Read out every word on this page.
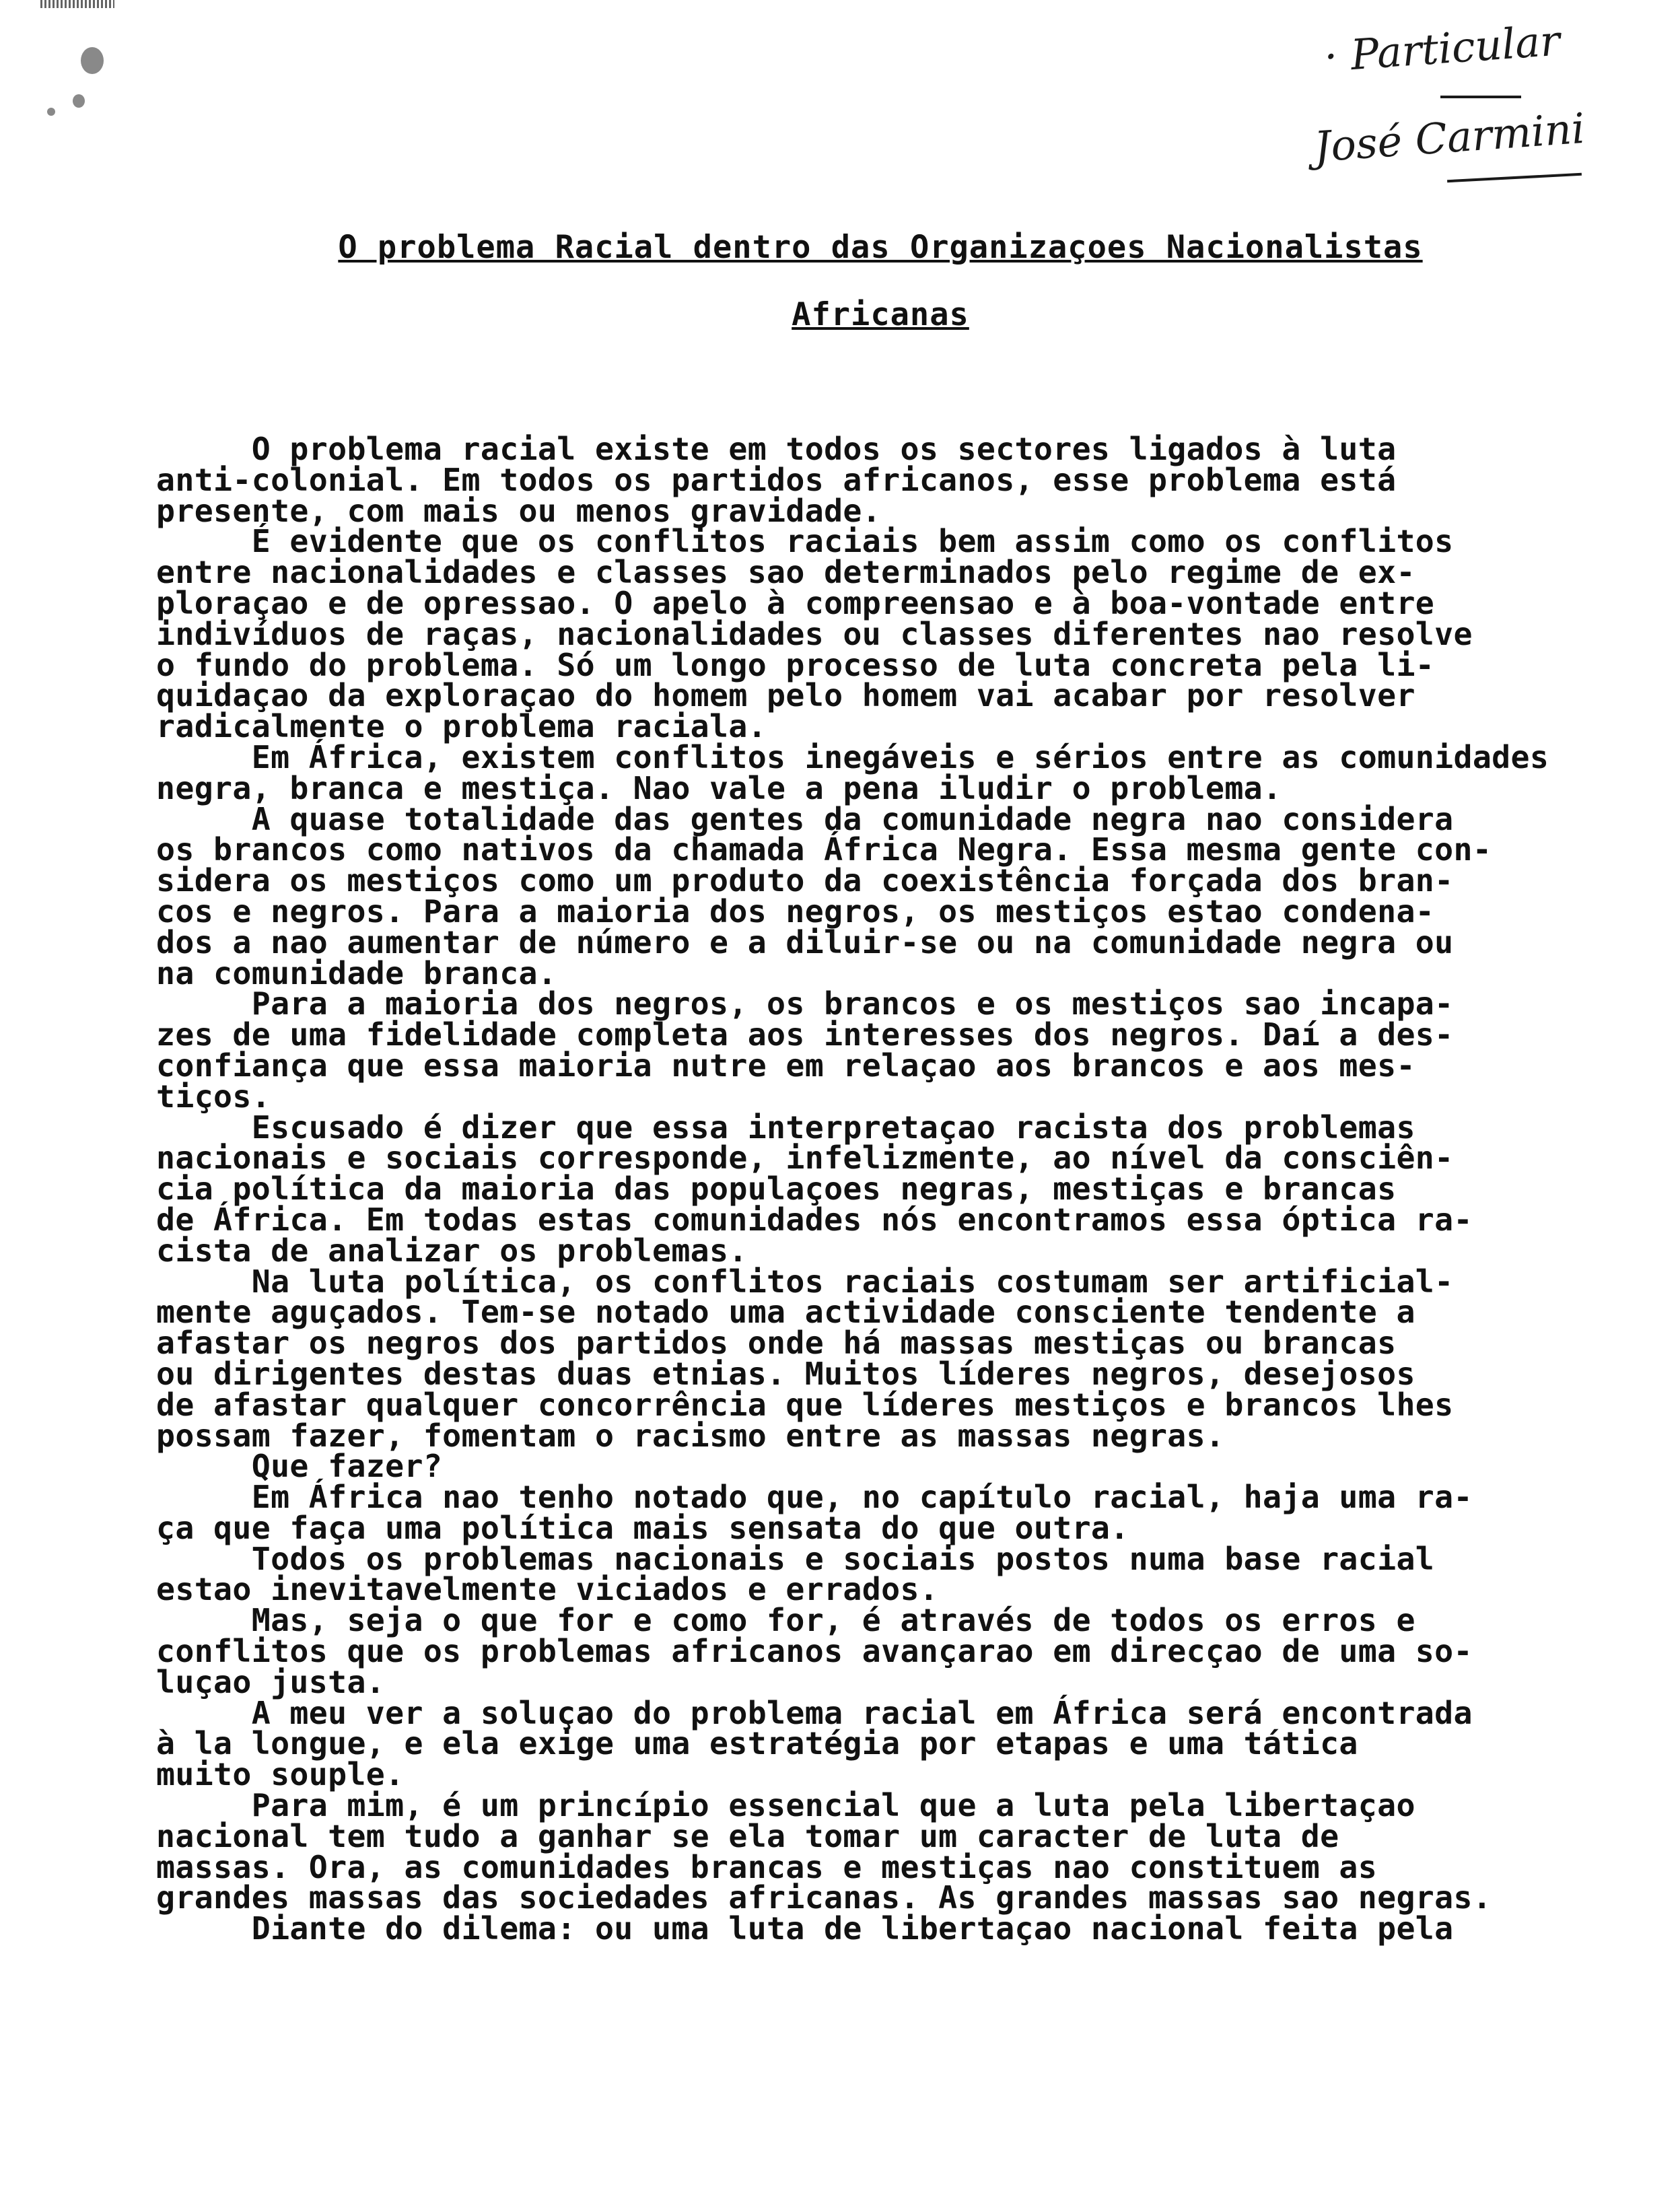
· Particular
José Carmini
O problema Racial dentro das Organizaçoes Nacionalistas
Africanas
O problema racial existe em todos os sectores ligados à luta
anti-colonial. Em todos os partidos africanos, esse problema está
presente, com mais ou menos gravidade.
É evidente que os conflitos raciais bem assim como os conflitos
entre nacionalidades e classes sao determinados pelo regime de ex-
ploraçao e de opressao. O apelo à compreensao e à boa-vontade entre
indivíduos de raças, nacionalidades ou classes diferentes nao resolve
o fundo do problema. Só um longo processo de luta concreta pela li-
quidaçao da exploraçao do homem pelo homem vai acabar por resolver
radicalmente o problema raciala.
Em África, existem conflitos inegáveis e sérios entre as comunidades
negra, branca e mestiça. Nao vale a pena iludir o problema.
A quase totalidade das gentes da comunidade negra nao considera
os brancos como nativos da chamada África Negra. Essa mesma gente con-
sidera os mestiços como um produto da coexistência forçada dos bran-
cos e negros. Para a maioria dos negros, os mestiços estao condena-
dos a nao aumentar de número e a diluir-se ou na comunidade negra ou
na comunidade branca.
Para a maioria dos negros, os brancos e os mestiços sao incapa-
zes de uma fidelidade completa aos interesses dos negros. Daí a des-
confiança que essa maioria nutre em relaçao aos brancos e aos mes-
tiços.
Escusado é dizer que essa interpretaçao racista dos problemas
nacionais e sociais corresponde, infelizmente, ao nível da consciên-
cia política da maioria das populaçoes negras, mestiças e brancas
de África. Em todas estas comunidades nós encontramos essa óptica ra-
cista de analizar os problemas.
Na luta política, os conflitos raciais costumam ser artificial-
mente aguçados. Tem-se notado uma actividade consciente tendente a
afastar os negros dos partidos onde há massas mestiças ou brancas
ou dirigentes destas duas etnias. Muitos líderes negros, desejosos
de afastar qualquer concorrência que líderes mestiços e brancos lhes
possam fazer, fomentam o racismo entre as massas negras.
Que fazer?
Em África nao tenho notado que, no capítulo racial, haja uma ra-
ça que faça uma política mais sensata do que outra.
Todos os problemas nacionais e sociais postos numa base racial
estao inevitavelmente viciados e errados.
Mas, seja o que for e como for, é através de todos os erros e
conflitos que os problemas africanos avançarao em direcçao de uma so-
luçao justa.
A meu ver a soluçao do problema racial em África será encontrada
à la longue, e ela exige uma estratégia por etapas e uma tática
muito souple.
Para mim, é um princípio essencial que a luta pela libertaçao
nacional tem tudo a ganhar se ela tomar um caracter de luta de
massas. Ora, as comunidades brancas e mestiças nao constituem as
grandes massas das sociedades africanas. As grandes massas sao negras.
Diante do dilema: ou uma luta de libertaçao nacional feita pela
